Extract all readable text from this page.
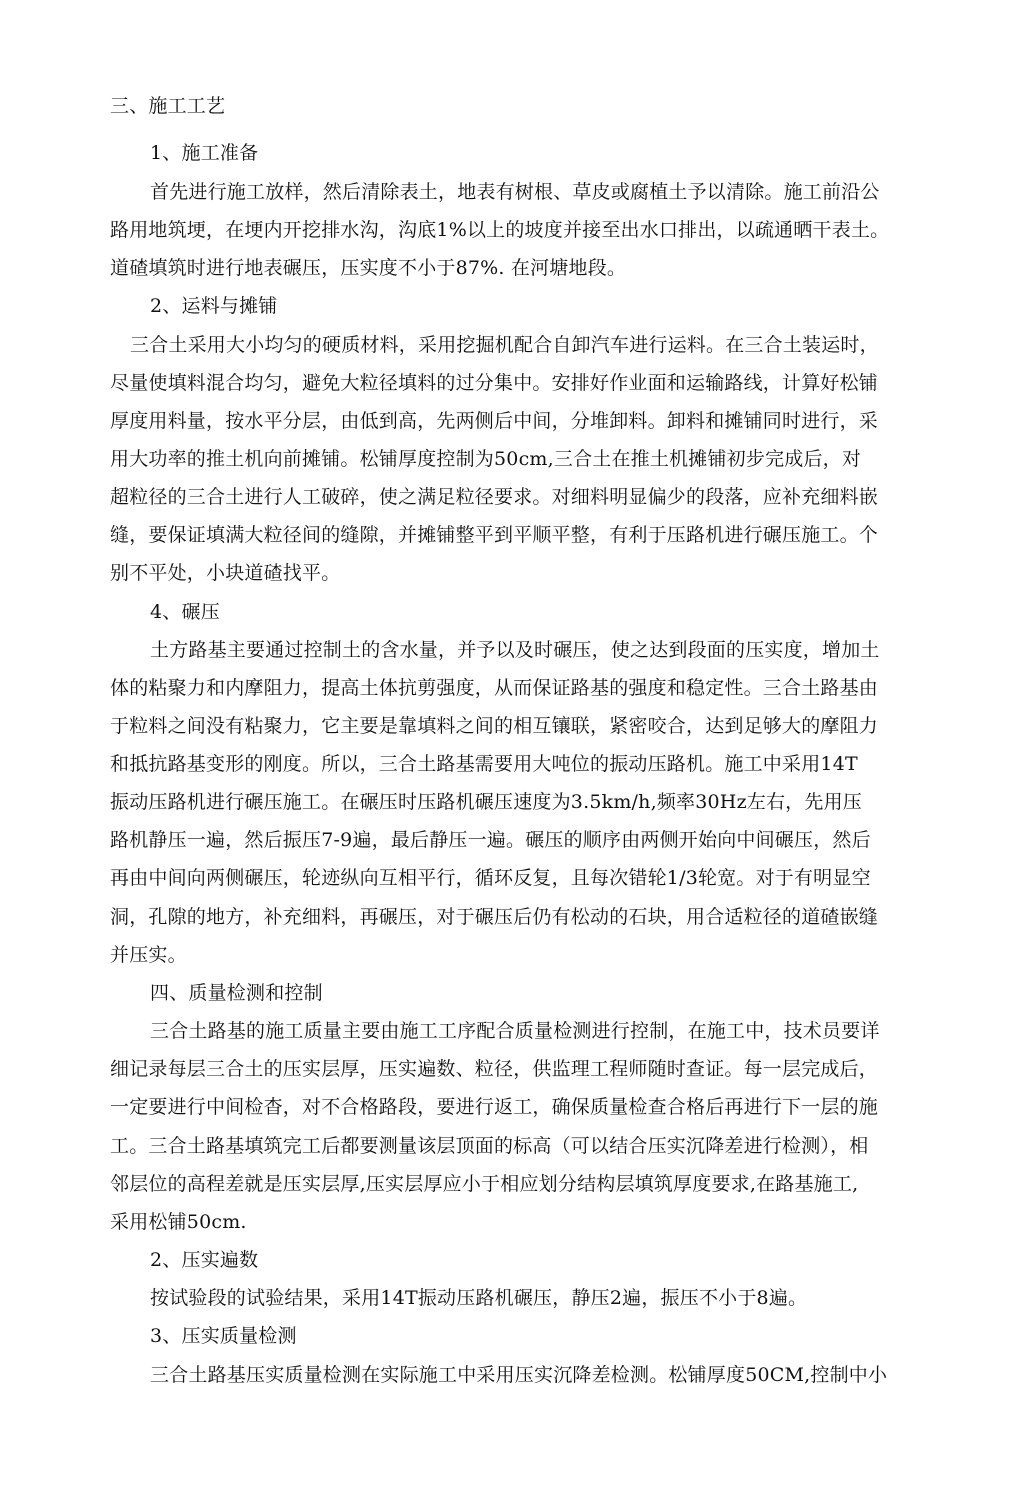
三、施工工艺
1、施工准备
首先进行施工放样，然后清除表土，地表有树根、草皮或腐植土予以清除。施工前沿公
路用地筑埂，在埂内开挖排水沟，沟底1%以上的坡度并接至出水口排出，以疏通晒干表土。
道碴填筑时进行地表碾压，压实度不小于87%. 在河塘地段。
2、运料与摊铺
三合土采用大小均匀的硬质材料，采用挖掘机配合自卸汽车进行运料。在三合土装运时，
尽量使填料混合均匀，避免大粒径填料的过分集中。安排好作业面和运输路线，计算好松铺
厚度用料量，按水平分层，由低到高，先两侧后中间，分堆卸料。卸料和摊铺同时进行，采
用大功率的推土机向前摊铺。松铺厚度控制为50cm,三合土在推土机摊铺初步完成后，对
超粒径的三合土进行人工破碎，使之满足粒径要求。对细料明显偏少的段落，应补充细料嵌
缝，要保证填满大粒径间的缝隙，并摊铺整平到平顺平整，有利于压路机进行碾压施工。个
别不平处，小块道碴找平。
4、碾压
土方路基主要通过控制土的含水量，并予以及时碾压，使之达到段面的压实度，增加土
体的粘聚力和内摩阻力，提高土体抗剪强度，从而保证路基的强度和稳定性。三合土路基由
于粒料之间没有粘聚力，它主要是靠填料之间的相互镶联，紧密咬合，达到足够大的摩阻力
和抵抗路基变形的刚度。所以，三合土路基需要用大吨位的振动压路机。施工中采用14T
振动压路机进行碾压施工。在碾压时压路机碾压速度为3.5km/h,频率30Hz左右，先用压
路机静压一遍，然后振压7-9遍，最后静压一遍。碾压的顺序由两侧开始向中间碾压，然后
再由中间向两侧碾压，轮迹纵向互相平行，循环反复，且每次错轮1/3轮宽。对于有明显空
洞，孔隙的地方，补充细料，再碾压，对于碾压后仍有松动的石块，用合适粒径的道碴嵌缝
并压实。
四、质量检测和控制
三合土路基的施工质量主要由施工工序配合质量检测进行控制，在施工中，技术员要详
细记录每层三合土的压实层厚，压实遍数、粒径，供监理工程师随时查证。每一层完成后，
一定要进行中间检杳，对不合格路段，要进行返工，确保质量检查合格后再进行下一层的施
工。三合土路基填筑完工后都要测量该层顶面的标高（可以结合压实沉降差进行检测），相
邻层位的高程差就是压实层厚,压实层厚应小于相应划分结构层填筑厚度要求,在路基施工,
采用松铺50cm.
2、压实遍数
按试验段的试验结果，采用14T振动压路机碾压，静压2遍，振压不小于8遍。
3、压实质量检测
三合土路基压实质量检测在实际施工中采用压实沉降差检测。松铺厚度50CM,控制中小
